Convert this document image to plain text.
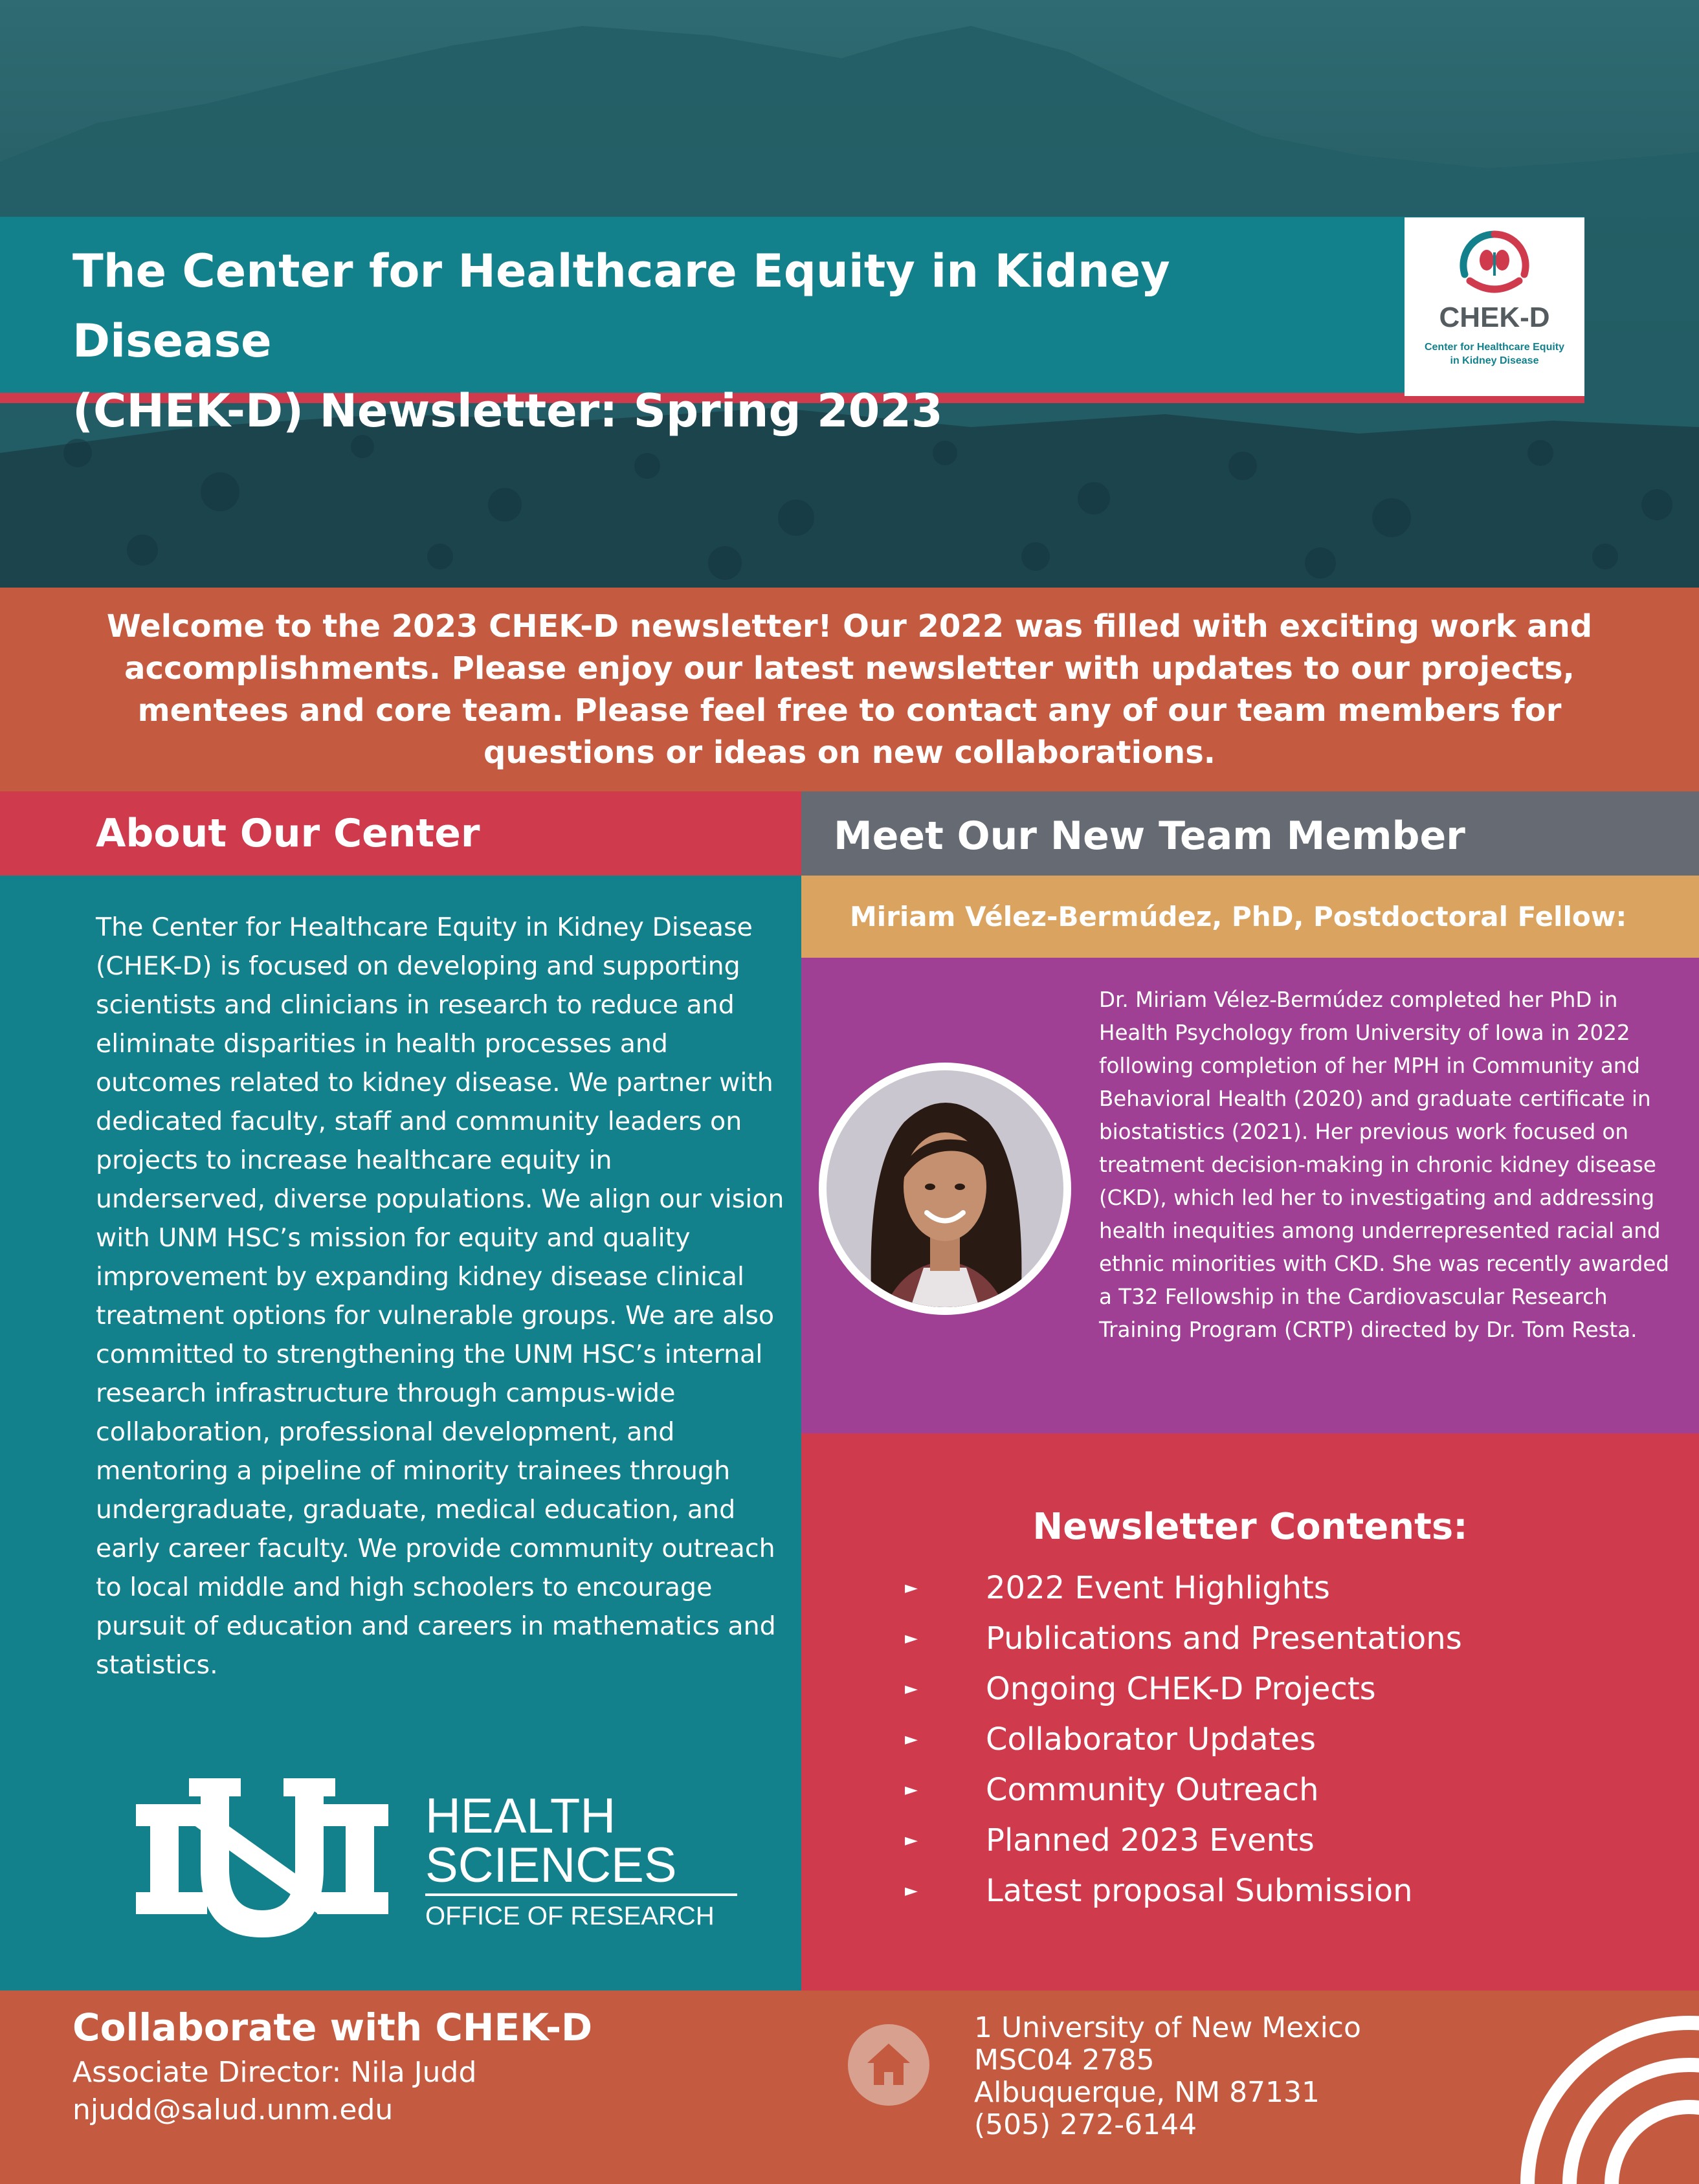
The Center for Healthcare Equity in Kidney Disease
(CHEK-D) Newsletter: Spring 2023
CHEK-D
Center for Healthcare Equity
in Kidney Disease

Welcome to the 2023 CHEK-D newsletter! Our 2022 was filled with exciting work and accomplishments. Please enjoy our latest newsletter with updates to our projects, mentees and core team. Please feel free to contact any of our team members for questions or ideas on new collaborations.

About Our Center

The Center for Healthcare Equity in Kidney Disease (CHEK-D) is focused on developing and supporting scientists and clinicians in research to reduce and eliminate disparities in health processes and outcomes related to kidney disease. We partner with dedicated faculty, staff and community leaders on projects to increase healthcare equity in underserved, diverse populations. We align our vision with UNM HSC’s mission for equity and quality improvement by expanding kidney disease clinical treatment options for vulnerable groups. We are also committed to strengthening the UNM HSC’s internal research infrastructure through campus-wide collaboration, professional development, and mentoring a pipeline of minority trainees through undergraduate, graduate, medical education, and early career faculty. We provide community outreach to local middle and high schoolers to encourage pursuit of education and careers in mathematics and statistics.

HEALTH
SCIENCES
OFFICE OF RESEARCH
Meet Our New Team Member
Miriam Vélez-Bermúdez, PhD, Postdoctoral Fellow:

Dr. Miriam Vélez-Bermúdez completed her PhD in Health Psychology from University of Iowa in 2022 following completion of her MPH in Community and Behavioral Health (2020) and graduate certificate in biostatistics (2021). Her previous work focused on treatment decision-making in chronic kidney disease (CKD), which led her to investigating and addressing health inequities among underrepresented racial and ethnic minorities with CKD. She was recently awarded a T32 Fellowship in the Cardiovascular Research Training Program (CRTP) directed by Dr. Tom Resta.

Newsletter Contents:
► 2022 Event Highlights
► Publications and Presentations
► Ongoing CHEK-D Projects
► Collaborator Updates
► Community Outreach
► Planned 2023 Events
► Latest proposal Submission
Collaborate with CHEK-D

Associate Director: Nila Judd

njudd@salud.unm.edu

1 University of New Mexico
MSC04 2785
Albuquerque, NM 87131
(505) 272-6144
